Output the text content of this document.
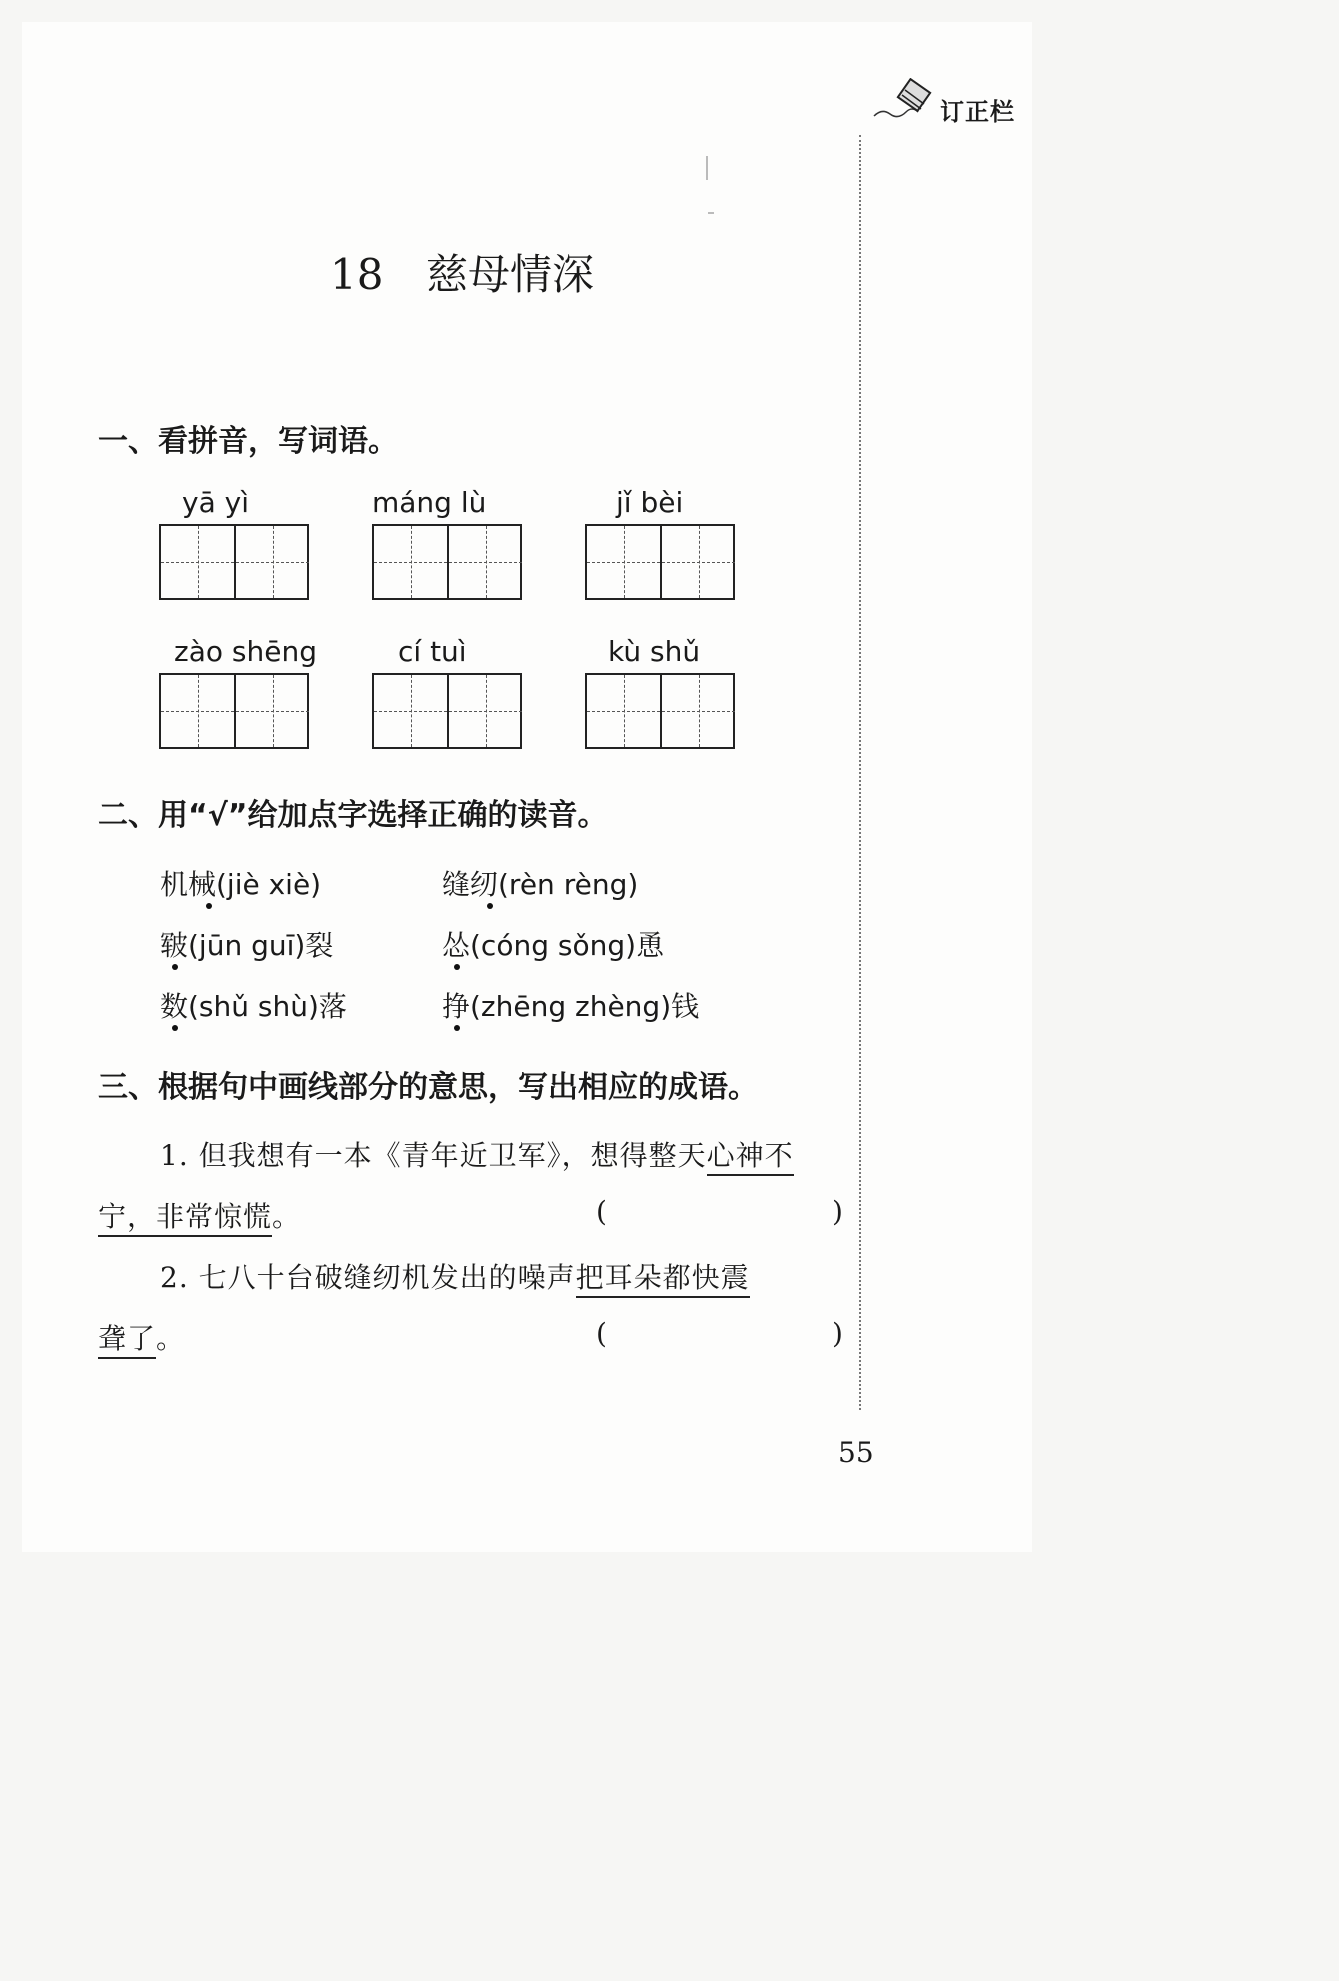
订正栏
18 慈母情深
一、看拼音，写词语。
yā yì	máng lù	jǐ bèi
zào shēng	cí tuì	kù shǔ
二、用“√”给加点字选择正确的读音。
机械(jiè xiè)	缝纫(rèn rèng)
皲(jūn guī)裂	怂(cóng sǒng)恿
数(shǔ shù)落	挣(zhēng zhèng)钱
三、根据句中画线部分的意思，写出相应的成语。
1. 但我想有一本《青年近卫军》，想得整天心神不
宁，非常惊慌。	(	)
2. 七八十台破缝纫机发出的噪声把耳朵都快震
聋了。	(	)
55
